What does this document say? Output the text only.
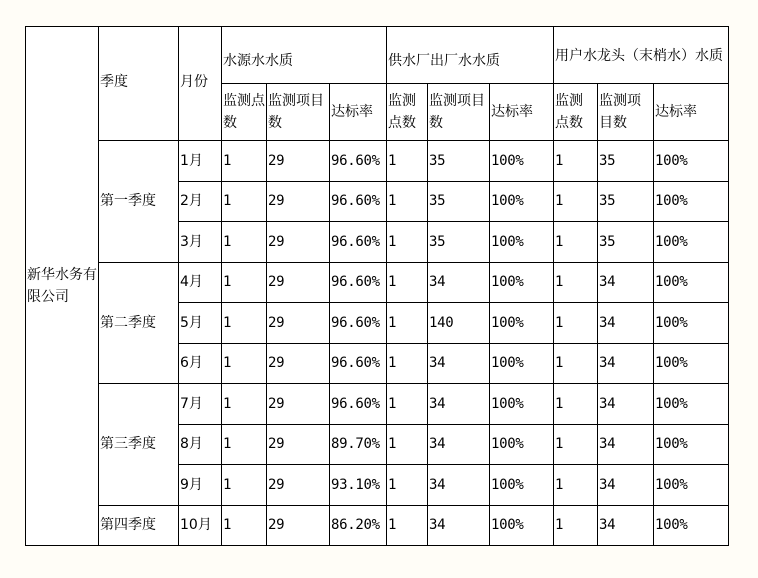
新华水务有限公司	季度	月份	水源水水质			供水厂出厂水水质			用户水龙头（末梢水）水质		
			监测点数	监测项目数	达标率	监测点数	监测项目数	达标率	监测点数	监测项目数	达标率
	第一季度	1月	1	29	96.60%	1	35	100%	1	35	100%
		2月	1	29	96.60%	1	35	100%	1	35	100%
		3月	1	29	96.60%	1	35	100%	1	35	100%
	第二季度	4月	1	29	96.60%	1	34	100%	1	34	100%
		5月	1	29	96.60%	1	140	100%	1	34	100%
		6月	1	29	96.60%	1	34	100%	1	34	100%
	第三季度	7月	1	29	96.60%	1	34	100%	1	34	100%
		8月	1	29	89.70%	1	34	100%	1	34	100%
		9月	1	29	93.10%	1	34	100%	1	34	100%
	第四季度	10月	1	29	86.20%	1	34	100%	1	34	100%
